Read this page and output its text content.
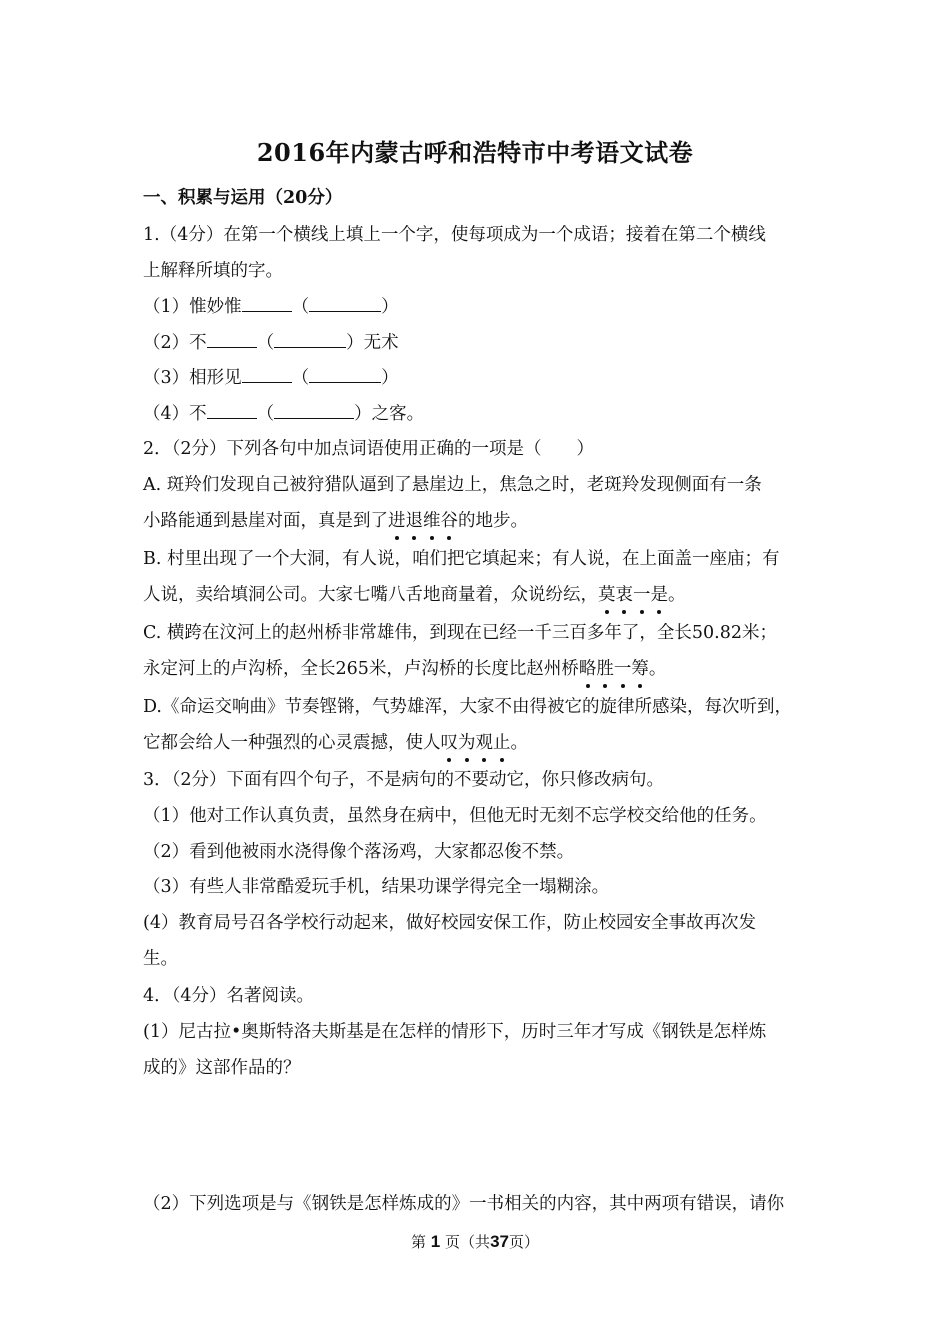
2016年内蒙古呼和浩特市中考语文试卷
一、积累与运用（20分）
1.（4分）在第一个横线上填上一个字，使每项成为一个成语；接着在第二个横线
上解释所填的字。
（1）惟妙惟	（	）
（2）不	（	）无术
（3）相形见	（	）
（4）不	（	）之客。
2．（2分）下列各句中加点词语使用正确的一项是（　　）
A. 斑羚们发现自己被狩猎队逼到了悬崖边上，焦急之时，老斑羚发现侧面有一条
小路能通到悬崖对面，真是到了进退维谷的地步。
B. 村里出现了一个大洞，有人说，咱们把它填起来；有人说，在上面盖一座庙；有
人说，卖给填洞公司。大家七嘴八舌地商量着，众说纷纭，莫衷一是。
C. 横跨在汶河上的赵州桥非常雄伟，到现在已经一千三百多年了，全长50.82米；
永定河上的卢沟桥，全长265米，卢沟桥的长度比赵州桥略胜一筹。
D.《命运交响曲》节奏铿锵，气势雄浑，大家不由得被它的旋律所感染，每次听到，
它都会给人一种强烈的心灵震撼，使人叹为观止。
3．（2分）下面有四个句子，不是病句的不要动它，你只修改病句。
（1）他对工作认真负责，虽然身在病中，但他无时无刻不忘学校交给他的任务。
（2）看到他被雨水浇得像个落汤鸡，大家都忍俊不禁。
（3）有些人非常酷爱玩手机，结果功课学得完全一塌糊涂。
(4）教育局号召各学校行动起来，做好校园安保工作，防止校园安全事故再次发
生。
4．（4分）名著阅读。
(1）尼古拉•奥斯特洛夫斯基是在怎样的情形下，历时三年才写成《钢铁是怎样炼
成的》这部作品的？
（2）下列选项是与《钢铁是怎样炼成的》一书相关的内容，其中两项有错误，请你
第 1 页（共37页）
